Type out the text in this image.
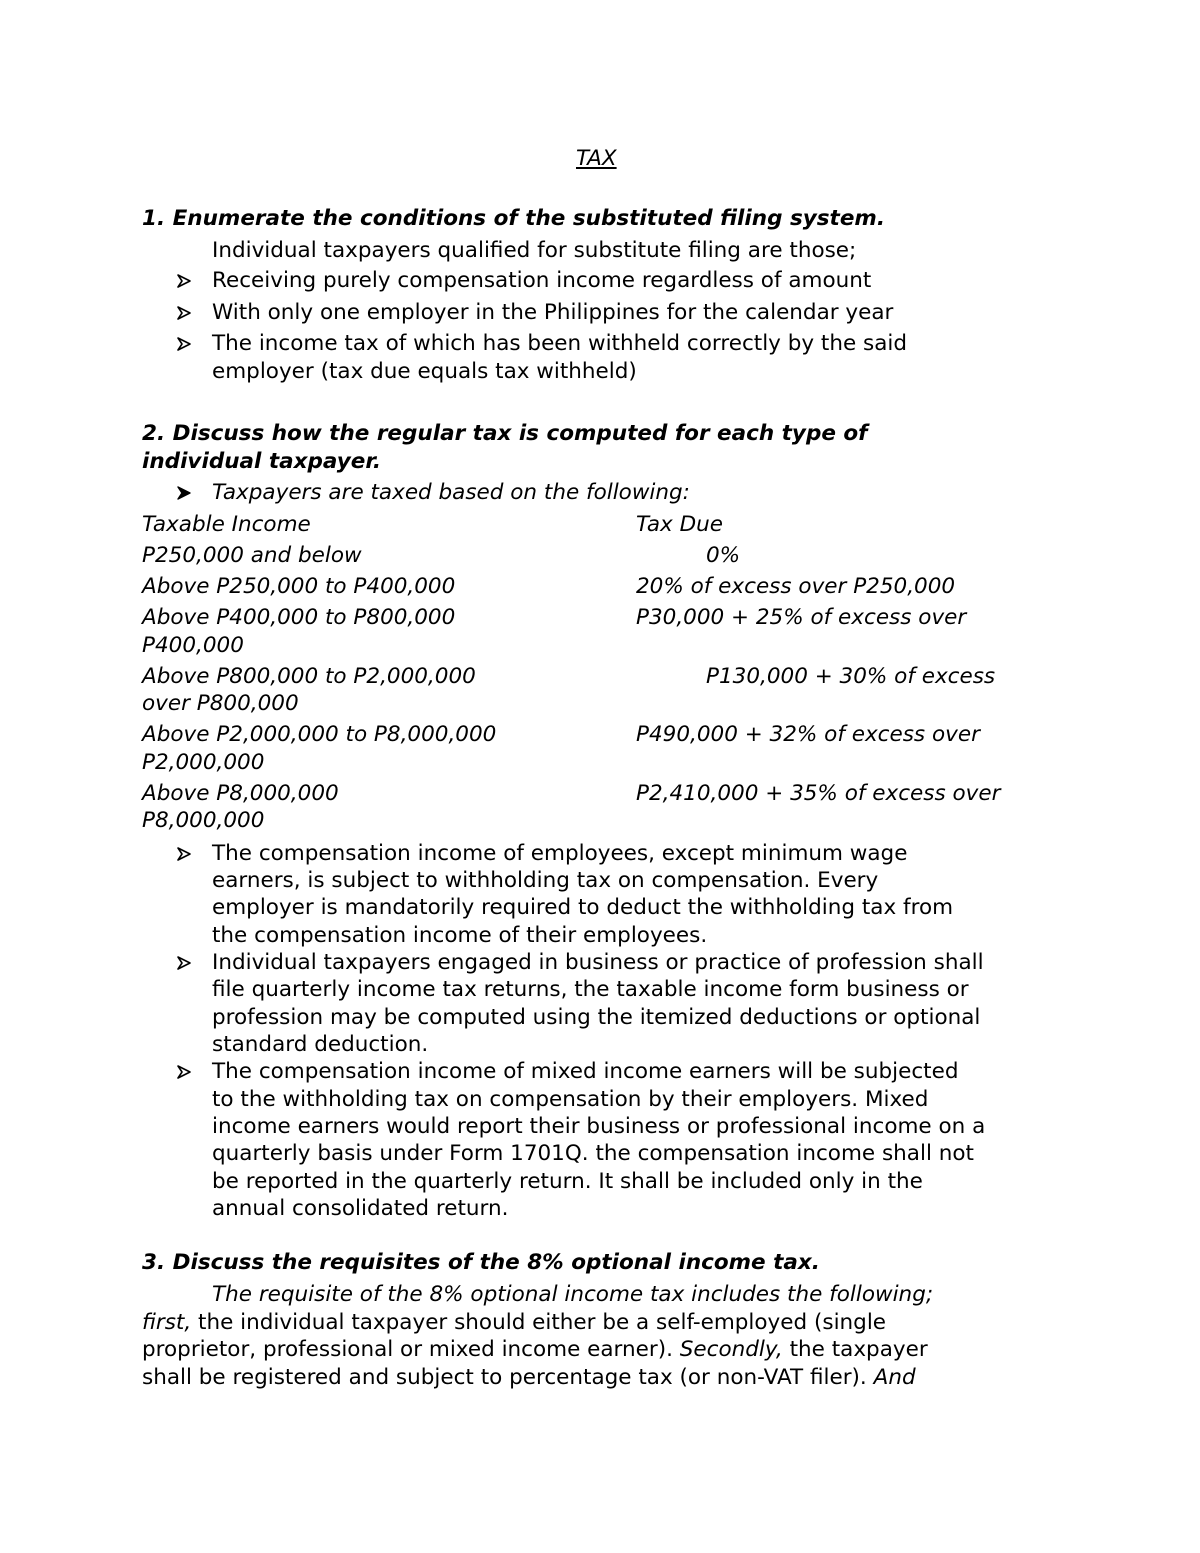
TAX
1. Enumerate the conditions of the substituted filing system.
Individual taxpayers qualified for substitute filing are those;
Receiving purely compensation income regardless of amount
With only one employer in the Philippines for the calendar year
The income tax of which has been withheld correctly by the said
employer (tax due equals tax withheld)
2. Discuss how the regular tax is computed for each type of
individual taxpayer.
Taxpayers are taxed based on the following:
Taxable Income	Tax Due
P250,000 and below	0%
Above P250,000 to P400,000	20% of excess over P250,000
Above P400,000 to P800,000	P30,000 + 25% of excess over
P400,000
Above P800,000 to P2,000,000	P130,000 + 30% of excess
over P800,000
Above P2,000,000 to P8,000,000	P490,000 + 32% of excess over
P2,000,000
Above P8,000,000	P2,410,000 + 35% of excess over
P8,000,000
The compensation income of employees, except minimum wage
earners, is subject to withholding tax on compensation. Every
employer is mandatorily required to deduct the withholding tax from
the compensation income of their employees.
Individual taxpayers engaged in business or practice of profession shall
file quarterly income tax returns, the taxable income form business or
profession may be computed using the itemized deductions or optional
standard deduction.
The compensation income of mixed income earners will be subjected
to the withholding tax on compensation by their employers. Mixed
income earners would report their business or professional income on a
quarterly basis under Form 1701Q. the compensation income shall not
be reported in the quarterly return. It shall be included only in the
annual consolidated return.
3. Discuss the requisites of the 8% optional income tax.
The requisite of the 8% optional income tax includes the following;
first, the individual taxpayer should either be a self-employed (single
proprietor, professional or mixed income earner). Secondly, the taxpayer
shall be registered and subject to percentage tax (or non-VAT filer). And
